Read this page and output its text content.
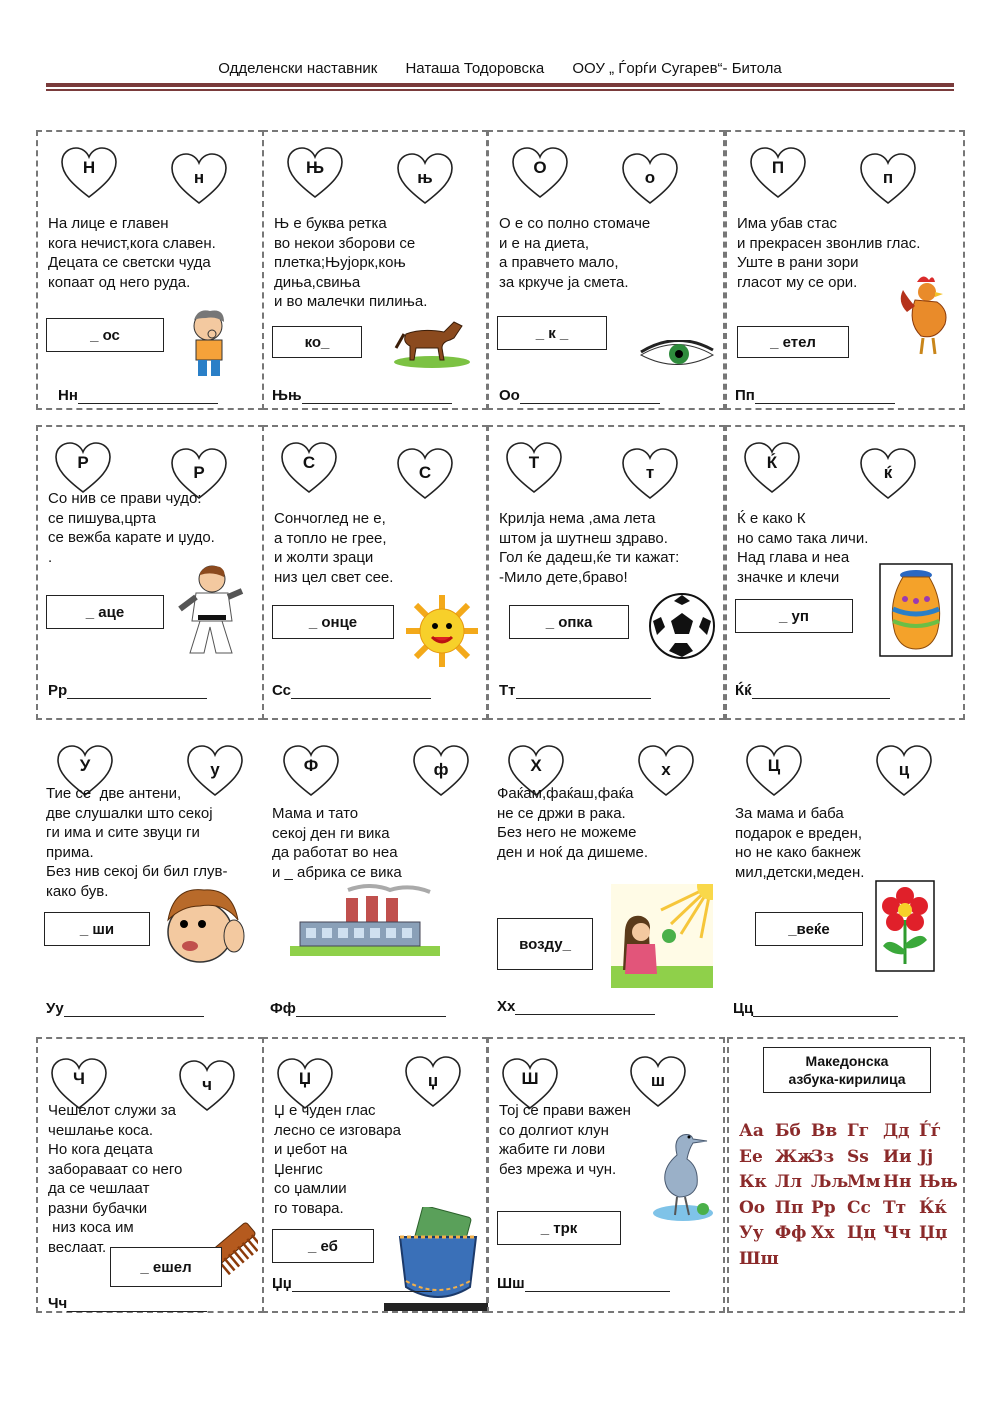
Одделенски наставник Наташа Тодоровска ООУ „ Ѓорѓи Сугарев“- Битола
Н
н
На лице е главен
кога нечист,кога славен.
Децата се светски чуда
копаат од него руда.
_ ос
Нн
Њ
њ
Њ е буква ретка
во некои зборови се
плетка;Њујорк,коњ
диња,свиња
и во малечки пилиња.
ко_
Њњ
О
о
О е со полно стомаче
и е на диета,
а правчето мало,
за кркуче ја смета.
_ к _
Оо
П
п
Има убав стас
и прекрасен звонлив глас.
Уште в рани зори
гласот му се ори.
_ етел
Пп
Р
Р
Со нив се прави чудо:
се пишува,црта
се вежба карате и џудо.
.
_ аце
Рр
С
С
Сончоглед не е,
а топло не грее,
и жолти зраци
низ цел свет сее.
_ онце
Сс
Т
т
Крилја нема ,ама лета
штом ја шутнеш здраво.
Гол ќе дадеш,ќе ти кажат:
-Мило дете,браво!
_ опка
Тт
Ќ
ќ
Ќ е како К
но само така личи.
Над глава и неа
значке и клечи
_ уп
Ќќ
У	у
Тие се  две антени,
две слушалки што секој
ги има и сите звуци ги
прима.
Без нив секој би бил глув-
како був.
_ ши
Уу
Ф	ф
Мама и тато
секој ден ги вика
да работат во неа
и _ абрика се вика
Фф
Х	х
Фаќам,фаќаш,фаќа
не се држи в рака.
Без него не можеме
ден и ноќ да дишеме.
возду_
Хх
Ц	ц
За мама и баба
подарок е вреден,
но не како бакнеж
мил,детски,меден.
_веќе
Цц
Ч	ч
Чешелот служи за
чешлање коса.
Но кога децата
забораваат со него
да се чешлаат
разни бубачки
низ коса им
веслаат.
_ ешел
Чч
Џ	џ
Џ е чуден глас
лесно се изговара
и џебот на
Џенгис
со џамлии
го товара.
_ еб
Џџ
Ш	ш
Тој се прави важен
со долгиот клун
жабите ги лови
без мрежа и чун.
_ трк
Шш
Македонска
азбука-кирилица
Аа Бб Вв Гг Дд Ѓѓ
Ее ЖжЗз Ѕѕ Ии Јј
Кк Лл ЉљМм Нн Њњ
Оо Пп Рр Сс Тт Ќќ
Уу Фф Хх Цц Чч Џџ
Шш
